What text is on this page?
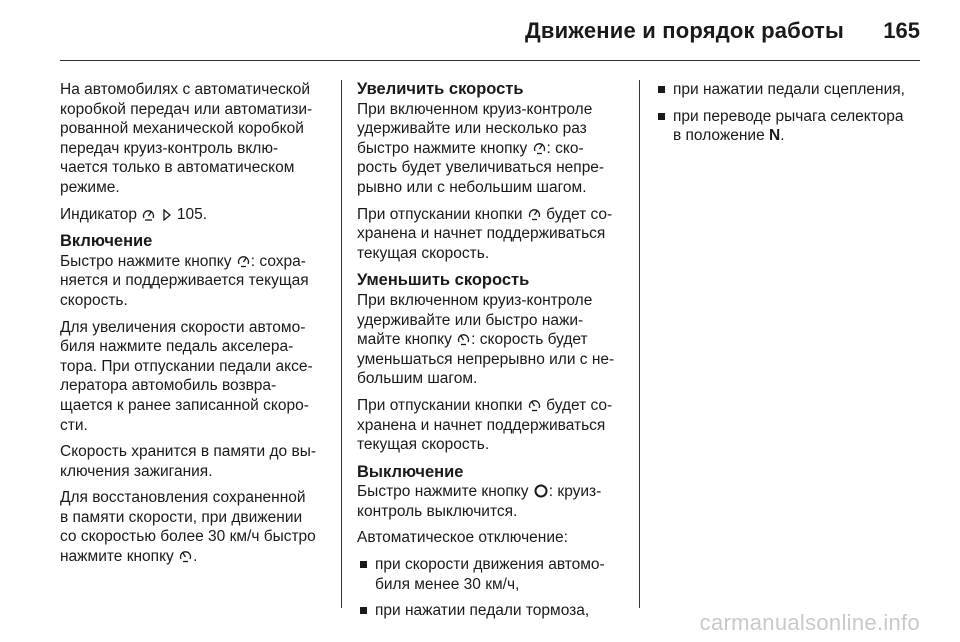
Движение и порядок работы 165

На автомобилях с автоматической
коробкой передач или автоматизи-
рованной механической коробкой
передач круиз-контроль вклю-
чается только в автоматическом
режиме.

Индикатор	105.

Включение

Быстро нажмите кнопку : сохра-
няется и поддерживается текущая
скорость.

Для увеличения скорости автомо-
биля нажмите педаль акселера-
тора. При отпускании педали аксе-
лератора автомобиль возвра-
щается к ранее записанной скоро-
сти.

Скорость хранится в памяти до вы-
ключения зажигания.

Для восстановления сохраненной
в памяти скорости, при движении
со скоростью более 30 км/ч быстро
нажмите кнопку .

Увеличить скорость

При включенном круиз-контроле
удерживайте или несколько раз
быстро нажмите кнопку : ско-
рость будет увеличиваться непре-
рывно или с небольшим шагом.

При отпускании кнопки будет со-
хранена и начнет поддерживаться
текущая скорость.

Уменьшить скорость

При включенном круиз-контроле
удерживайте или быстро нажи-
майте кнопку : скорость будет
уменьшаться непрерывно или с не-
большим шагом.

При отпускании кнопки будет со-
хранена и начнет поддерживаться
текущая скорость.

Выключение

Быстро нажмите кнопку : круиз-
контроль выключится.

Автоматическое отключение:

при скорости движения автомо-
биля менее 30 км/ч,
при нажатии педали тормоза,
при нажатии педали сцепления,
при переводе рычага селектора
в положение N.
carmanualsonline.info
